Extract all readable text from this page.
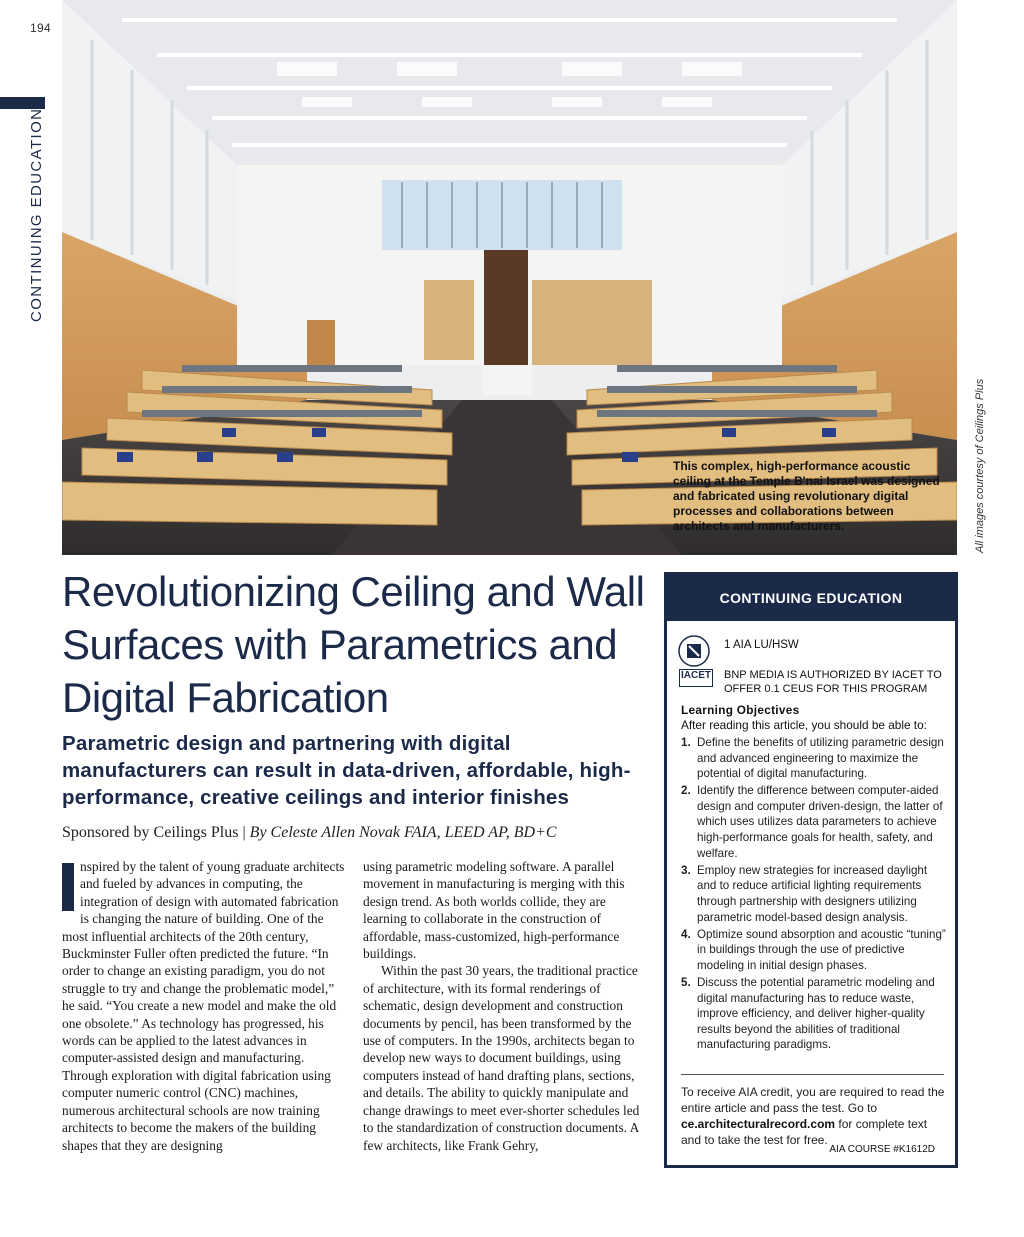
194
CONTINUING EDUCATION
All images courtesy of Ceilings Plus
This complex, high-performance acoustic ceiling at the Temple B'nai Israel was designed and fabricated using revolutionary digital processes and collaborations between architects and manufacturers.
Revolutionizing Ceiling and Wall Surfaces with Parametrics and Digital Fabrication
Parametric design and partnering with digital manufacturers can result in data-driven, affordable, high-performance, creative ceilings and interior finishes
Sponsored by Ceilings Plus | By Celeste Allen Novak FAIA, LEED AP, BD+C

nspired by the talent of young graduate architects and fueled by advances in computing, the integration of design with automated fabrication is changing the nature of building. One of the most influential architects of the 20th century, Buckminster Fuller often predicted the future. “In order to change an existing paradigm, you do not struggle to try and change the problematic model,” he said. “You create a new model and make the old one obsolete.” As technology has progressed, his words can be applied to the latest advances in computer-assisted design and manufacturing. Through exploration with digital fabrication using computer numeric control (CNC) machines, numerous architectural schools are now training architects to become the makers of the building shapes that they are designing

using parametric modeling software. A parallel movement in manufacturing is merging with this design trend. As both worlds collide, they are learning to collaborate in the construction of affordable, mass-customized, high-performance buildings.

Within the past 30 years, the traditional practice of architecture, with its formal renderings of schematic, design development and construction documents by pencil, has been transformed by the use of computers. In the 1990s, architects began to develop new ways to document buildings, using computers instead of hand drafting plans, sections, and details. The ability to quickly manipulate and change drawings to meet ever-shorter schedules led to the standardization of construction documents. A few architects, like Frank Gehry,

CONTINUING EDUCATION
1 AIA LU/HSW
IACET BNP MEDIA IS AUTHORIZED BY IACET TO OFFER 0.1 CEUS FOR THIS PROGRAM
Learning Objectives
After reading this article, you should be able to:
1. Define the benefits of utilizing parametric design and advanced engineering to maximize the potential of digital manufacturing.
2. Identify the difference between computer-aided design and computer driven-design, the latter of which uses utilizes data parameters to achieve high-performance goals for health, safety, and welfare.
3. Employ new strategies for increased daylight and to reduce artificial lighting requirements through partnership with designers utilizing parametric model-based design analysis.
4. Optimize sound absorption and acoustic “tuning” in buildings through the use of predictive modeling in initial design phases.
5. Discuss the potential parametric modeling and digital manufacturing has to reduce waste, improve efficiency, and deliver higher-quality results beyond the abilities of traditional manufacturing paradigms.
To receive AIA credit, you are required to read the entire article and pass the test. Go to ce.architecturalrecord.com for complete text and to take the test for free.
AIA COURSE #K1612D
